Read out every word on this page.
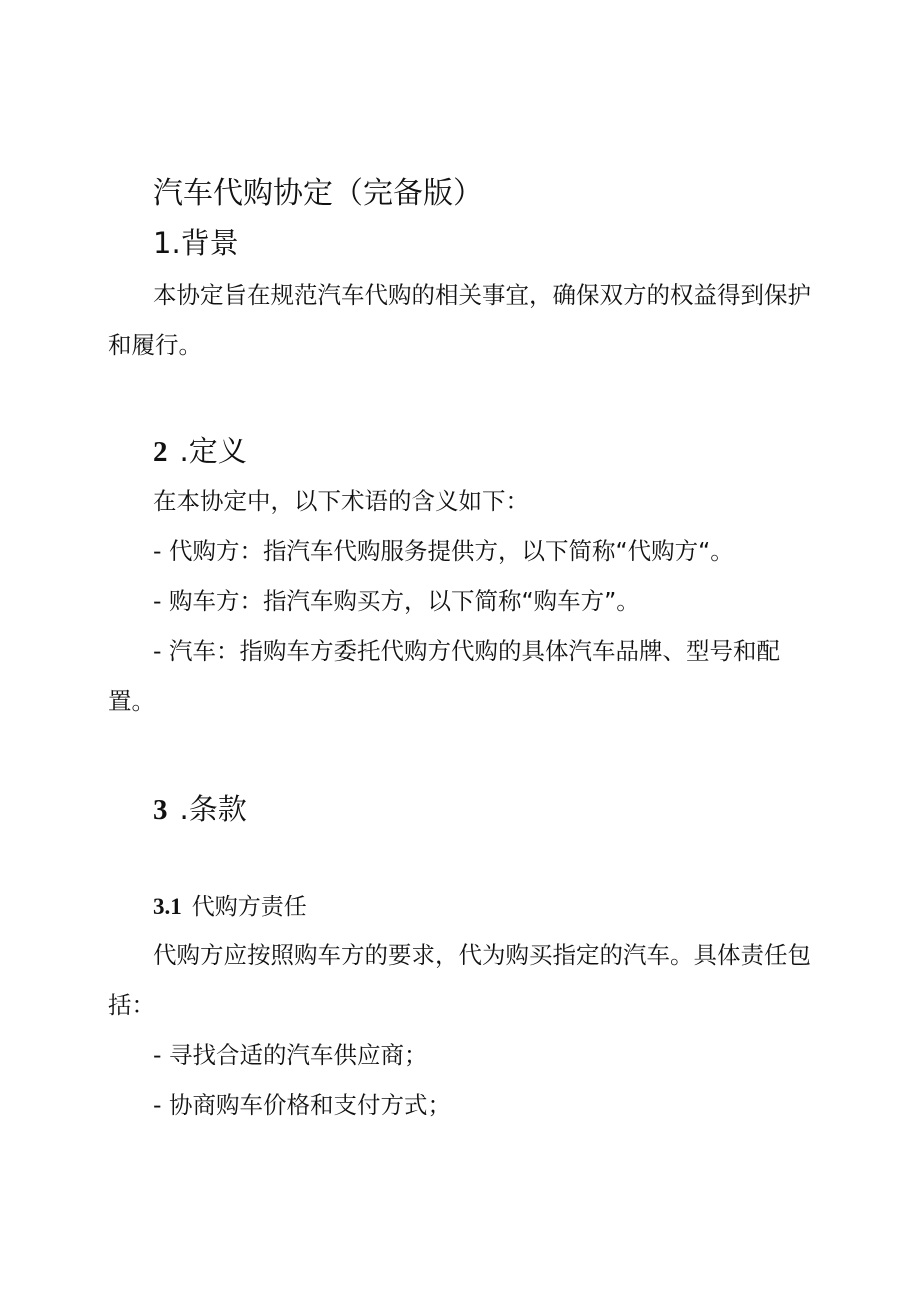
汽车代购协定（完备版）
1.背景
本协定旨在规范汽车代购的相关事宜，确保双方的权益得到保护
和履行。
2 .定义
在本协定中，以下术语的含义如下：
- 代购方：指汽车代购服务提供方，以下简称“代购方“。
- 购车方：指汽车购买方，以下简称“购车方”。
- 汽车：指购车方委托代购方代购的具体汽车品牌、型号和配
置。
3 .条款
3.1 代购方责任
代购方应按照购车方的要求，代为购买指定的汽车。具体责任包
括：
- 寻找合适的汽车供应商；
- 协商购车价格和支付方式；
